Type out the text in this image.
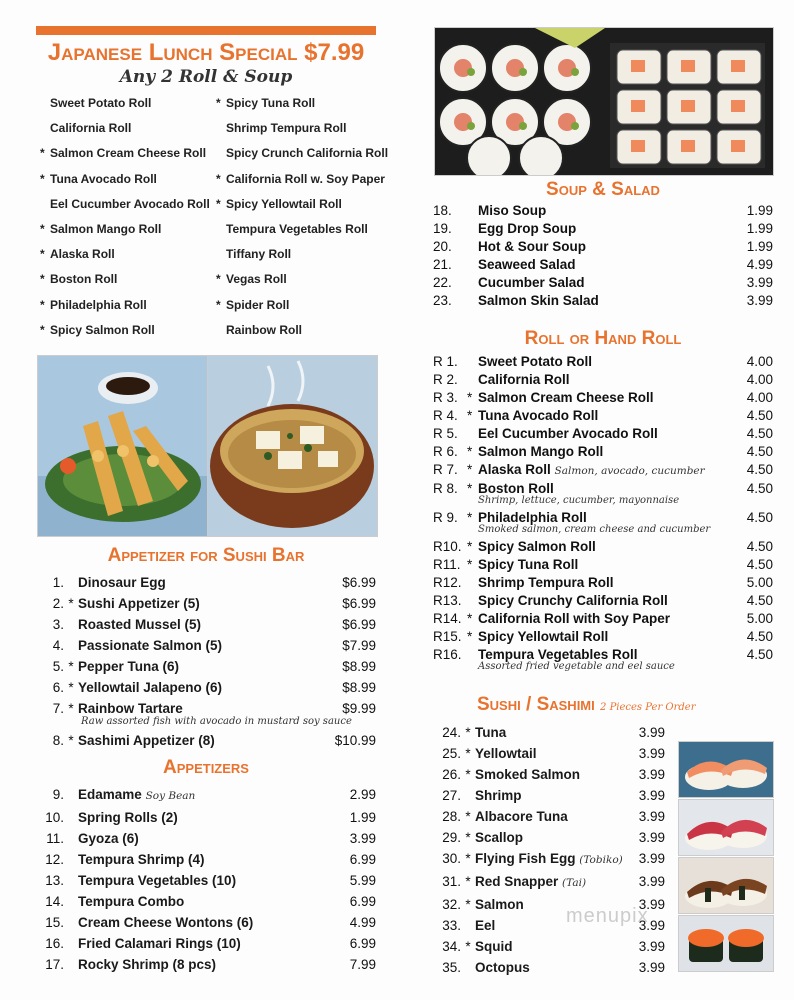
Japanese Lunch Special $7.99
Any 2 Roll & Soup
Sweet Potato Roll
California Roll
* Salmon Cream Cheese Roll
* Tuna Avocado Roll
Eel Cucumber Avocado Roll
* Salmon Mango Roll
* Alaska Roll
* Boston Roll
* Philadelphia Roll
* Spicy Salmon Roll
* Spicy Tuna Roll
Shrimp Tempura Roll
Spicy Crunch California Roll
* California Roll w. Soy Paper
* Spicy Yellowtail Roll
Tempura Vegetables Roll
Tiffany Roll
* Vegas Roll
* Spider Roll
Rainbow Roll
Appetizer for Sushi Bar
1. Dinosaur Egg	$6.99
2. * Sushi Appetizer (5)	$6.99
3. Roasted Mussel (5)	$6.99
4. Passionate Salmon (5)	$7.99
5. * Pepper Tuna (6)	$8.99
6. * Yellowtail Jalapeno (6)	$8.99
7. * Rainbow Tartare	$9.99
Raw assorted fish with avocado in mustard soy sauce
8. * Sashimi Appetizer (8)	$10.99
Appetizers
9. Edamame Soy Bean	2.99
10. Spring Rolls (2)	1.99
11. Gyoza (6)	3.99
12. Tempura Shrimp (4)	6.99
13. Tempura Vegetables (10)	5.99
14. Tempura Combo	6.99
15. Cream Cheese Wontons (6)	4.99
16. Fried Calamari Rings (10)	6.99
17. Rocky Shrimp (8 pcs)	7.99
Soup & Salad
18.	Miso Soup	1.99
19.	Egg Drop Soup	1.99
20.	Hot & Sour Soup	1.99
21.	Seaweed Salad	4.99
22.	Cucumber Salad	3.99
23.	Salmon Skin Salad	3.99
Roll or Hand Roll
R 1.	Sweet Potato Roll	4.00
R 2.	California Roll	4.00
R 3. * Salmon Cream Cheese Roll	4.00
R 4. * Tuna Avocado Roll	4.50
R 5.	Eel Cucumber Avocado Roll	4.50
R 6. * Salmon Mango Roll	4.50
R 7. * Alaska Roll Salmon, avocado, cucumber	4.50
R 8. * Boston Roll	4.50
Shrimp, lettuce, cucumber, mayonnaise
R 9. * Philadelphia Roll	4.50
Smoked salmon, cream cheese and cucumber
R10. * Spicy Salmon Roll	4.50
R11. * Spicy Tuna Roll	4.50
R12.	Shrimp Tempura Roll	5.00
R13.	Spicy Crunchy California Roll	4.50
R14. * California Roll with Soy Paper	5.00
R15. * Spicy Yellowtail Roll	4.50
R16.	Tempura Vegetables Roll	4.50
Assorted fried vegetable and eel sauce
Sushi / Sashimi 2 Pieces Per Order
24. * Tuna	3.99
25. * Yellowtail	3.99
26. * Smoked Salmon	3.99
27. Shrimp	3.99
28. * Albacore Tuna	3.99
29. * Scallop	3.99
30. * Flying Fish Egg (Tobiko)	3.99
31. * Red Snapper (Tai)	3.99
32. * Salmon	3.99
33. Eel	3.99
34. * Squid	3.99
35. Octopus	3.99
menupix
